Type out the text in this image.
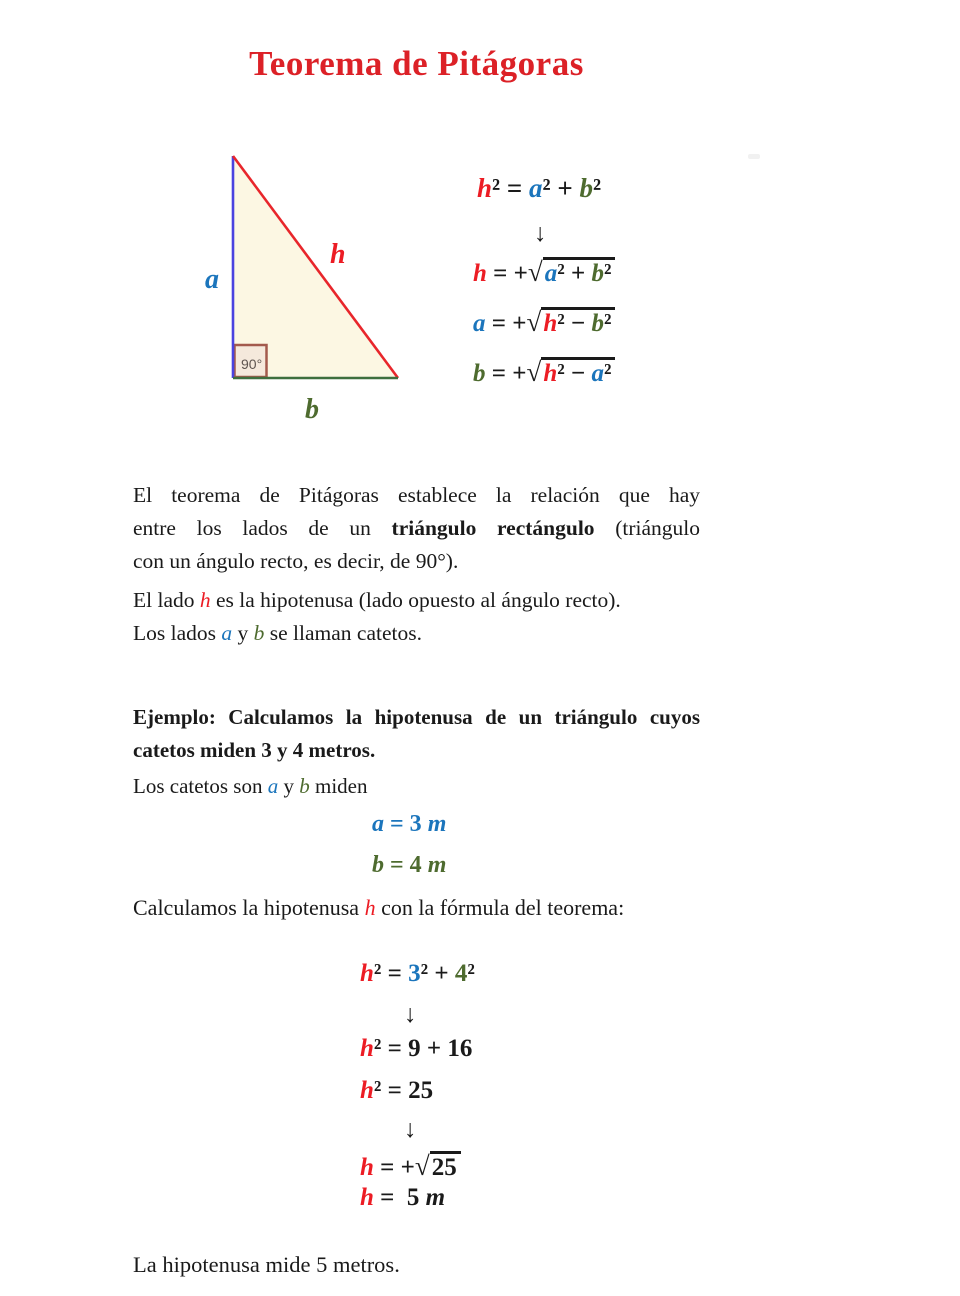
Teorema de Pitágoras
90°
a
h
b
h² = a² + b²
↓
h = +√a² + b²
a = +√h² − b²
b = +√h² − a²
El teorema de Pitágoras establece la relación que hay
entre los lados de un triángulo rectángulo (triángulo
con un ángulo recto, es decir, de 90°).
El lado h es la hipotenusa (lado opuesto al ángulo recto).
Los lados a y b se llaman catetos.
Ejemplo: Calculamos la hipotenusa de un triángulo cuyos
catetos miden 3 y 4 metros.
Los catetos son a y b miden
a = 3 m
b = 4 m
Calculamos la hipotenusa h con la fórmula del teorema:
h² = 3² + 4²
↓
h² = 9 + 16
h² = 25
↓
h = +√25
h =  5 m
La hipotenusa mide 5 metros.
